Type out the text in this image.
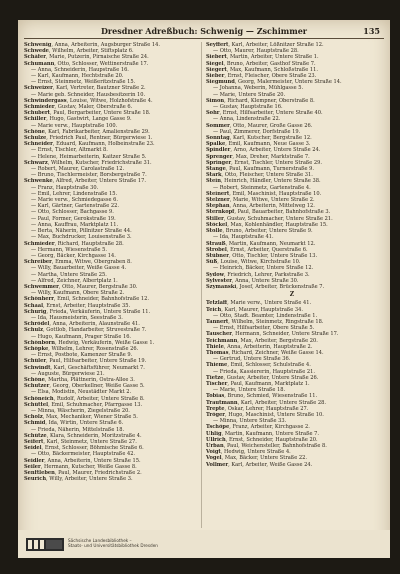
Dresdner Adreßbuch: Schwenig — Zschimmer	135
Schwenig, Anna, Arbeiterin, Augsburger Straße 14.
Schwede, Wilhelm, Arbeiter, Stiftsplatz 6.
Schäfer, Marie, Putzerin, Pirnaische Straße 24.
Schumann, Otto, Schlosser, Wettinerstraße 17.
— Anna, Schneiderin, Haupstraße 16.
— Karl, Kaufmann, Hechtstraße 20.
— Ernst, Steinmetz, Weißeritzstraße 15.
Schweizer, Karl, Vertreter, Bautzner Straße 2.
— Marie geb. Schneider, Hausbesitzerin 10.
Schwindergass, Louise, Witwe, Holzhofstraße 4.
Schmieder, Gustav, Maler, Oberstraße 6.
Schubert, Paul, Bergarbeiter, Untere Straße 18.
Schiller, Hugo, Gastwirt, Lange Gasse 9.
— Marie verw., Hauptstraße 100.
Schöne, Karl, Fabrikarbeiter, Amalienstraße 29.
Schulze, Friedrich Paul, Rentner, Bürgerwiese 1.
Schneider, Eduard, Kaufmann, Holbeinstraße 23.
— Ernst, Tischler, Altmarkt 8.
— Helene, Heimarbeiterin, Kaitzer Straße 5.
Schwarz, Wilhelm, Kutscher, Friedrichstraße 31.
— Robert, Maurer, Carolastraße 12.
— Bruno, Tischlermeister, Borsbergstraße 7.
Schwenke, Alfred, Arbeiter, Untere Straße 17.
— Franz, Hauptstraße 30.
— Emil, Lehrer, Lindenstraße 15.
— Marie verw., Schmiedegasse 6.
— Karl, Gärtner, Gartenstraße 22.
— Otto, Schlosser, Bachgasse 9.
— Paul, Former, Gerokstraße 19.
— Anna, Kauffrau, Marktplatz 11.
— Berta, Näherin, Pillnitzer Straße 44.
— Max, Buchdrucker, Louisenstraße 3.
Schmieder, Richard, Hauptstraße 28.
— Hermann, Wiesenstraße 5.
— Georg, Bäcker, Kirchgasse 14.
Schreiber, Emma, Witwe, Obergraben 8.
— Willy, Bauarbeiter, Weiße Gasse 4.
— Martha, Untere Straße 25.
— Alfred, Zeichner, Albertplatz 1.
Schwemmer, Otto, Maurer, Bergstraße 30.
— Willy, Kaufmann, Obere Straße 2.
Schönherr, Emil, Schneider, Bahnhofstraße 12.
Schaal, Ernst, Arbeiter, Hauptstraße 35.
Schurig, Frieda, Verkäuferin, Untere Straße 11.
— Ida, Hausmeisterin, Seestraße 3.
Schrödel, Anna, Arbeiterin, Alaunstraße 41.
Schulz, Gottlob, Handarbeiter, Struvestraße 7.
— Hugo, Kaufmann, Prager Straße 16.
Schönborn, Hedwig, Verkäuferin, Weiße Gasse 1.
Schöpke, Wilhelm, Lehrer, Rosenstraße 26.
— Ernst, Postbote, Kamenzer Straße 9.
Schüler, Paul, Hilfsarbeiter, Untere Straße 19.
Schwindt, Karl, Geschäftsführer, Neumarkt 7.
— Auguste, Bürgerwiese 21.
Schöne, Martha, Plättnerin, Ostra-Allee 3.
Schutzer, Georg, Oberkellner, Weiße Gasse 5.
— Elsa, Modistin, Neustädter Markt 2.
Schöneich, Rudolf, Arbeiter, Untere Straße 8.
Schüttel, Emil, Schuhmacher, Pfarrgasse 13.
— Minna, Wäscherin, Ziegelstraße 20.
Scholz, Max, Mechaniker, Wiener Straße 5.
Schmid, Ida, Wirtin, Untere Straße 6.
— Frieda, Näherin, Mittelstraße 18.
Schütze, Klara, Schneiderin, Moritzstraße 4.
Seifert, Karl, Steinmetz, Untere Straße 27.
Seidel, Ernst, Schlosser, Böhmische Straße 6.
— Otto, Bäckermeister, Hauptstraße 42.
Seidler, Anna, Arbeiterin, Untere Straße 15.
Seiler, Hermann, Kutscher, Weiße Gasse 8.
Senftleben, Paul, Maurer, Friedrichstraße 2.
Seurich, Willy, Arbeiter, Untere Straße 3.
Seyffert, Karl, Arbeiter, Lößnitzer Straße 12.
— Otto, Maurer, Hauptstraße 28.
Siebert, Martin, Arbeiter, Untere Straße 1.
Siegel, Bruno, Arbeiter, Gasthof Straße 7.
Siegert, Max, Kaufmann, Schloßstraße 11.
Sieber, Ernst, Fleischer, Obere Straße 23.
Siegmund, Georg, Malermeister, Untere Straße 14.
— Johanna, Weberin, Mühlgasse 5.
— Marie, Untere Straße 20.
Simon, Richard, Klempner, Oberstraße 8.
— Gustav, Hauptstraße 16.
Sohr, Ernst, Hilfsarbeiter, Untere Straße 40.
— Anna, Lindenstraße 22.
Sommer, Otto, Maurer, Große Gasse 26.
— Paul, Zimmerer, Dorfstraße 19.
Sonntag, Karl, Kutscher, Bergstraße 12.
Spalke, Emil, Kaufmann, Neue Gasse 3.
Spindler, Arno, Arbeiter, Untere Straße 24.
Sprenger, Max, Dreher, Marktstraße 7.
Springer, Ernst, Tischler, Untere Straße 29.
Stange, Paul, Kaufmann, Turnerstraße 9.
Stark, Otto, Fleischer, Untere Straße 31.
Stein, Heinrich, Händler, Untere Straße 38.
— Robert, Steinmetz, Gartenstraße 4.
Steinert, Emil, Maschinist, Hauptstraße 10.
Stelzner, Marie, Witwe, Untere Straße 2.
Stephan, Anna, Arbeiterin, Mittelweg 12.
Sternkopf, Paul, Bauarbeiter, Bahnhofstraße 3.
Stiller, Gustav, Schuhmacher, Untere Straße 21.
Stöckel, Max, Kohlenhändler, Hauptstraße 15.
Stolle, Bruno, Arbeiter, Untere Straße 9.
— Ida, Hauptstraße 41.
Strauß, Martin, Kaufmann, Neumarkt 12.
Strobel, Ernst, Arbeiter, Querstraße 6.
Stübner, Otto, Tischler, Untere Straße 13.
Süß, Louise, Witwe, Kirchstraße 10.
— Heinrich, Bäcker, Untere Straße 12.
Sydow, Friedrich, Lehrer, Parkstraße 3.
Sylvester, Anna, Untere Straße 30.
Szymanski, Josef, Arbeiter, Brückenstraße 7.
Z
Tetzlaff, Marie verw., Untere Straße 41.
Teich, Karl, Maurer, Hauptstraße 34.
— Otto, Stadt. Beamter, Lindenstraße 1.
Tannert, Wilhelm, Steinmetz, Ringstraße 18.
— Ernst, Hilfsarbeiter, Obere Straße 5.
Tauscher, Hermann, Schneider, Untere Straße 17.
Teichmann, Max, Arbeiter, Bergstraße 20.
Thiele, Anna, Arbeiterin, Hauptstraße 2.
Thomas, Richard, Zeichner, Weiße Gasse 14.
— Gertrud, Untere Straße 36.
Thieme, Emil, Schlosser, Schulstraße 4.
— Frieda, Kassiererin, Hauptstraße 21.
Tietze, Gustav, Arbeiter, Untere Straße 26.
Tischer, Paul, Kaufmann, Marktplatz 1.
— Marie, Untere Straße 18.
Tobias, Bruno, Schmied, Wiesenstraße 11.
Trautmann, Karl, Arbeiter, Untere Straße 28.
Trepte, Oskar, Lehrer, Hauptstraße 27.
Tröger, Hugo, Maschinist, Untere Straße 10.
— Minna, Untere Straße 33.
Tschöpe, Franz, Arbeiter, Kirchgasse 2.
Uhlig, Martin, Kaufmann, Untere Straße 7.
Ullrich, Ernst, Schneider, Hauptstraße 20.
Urban, Paul, Weichensteller, Bahnhofstraße 8.
Voigt, Hedwig, Untere Straße 4.
Vogel, Max, Bäcker, Untere Straße 22.
Vollmer, Karl, Arbeiter, Weiße Gasse 24.
Sächsische Landesbibliothek –
Staats- und Universitätsbibliothek Dresden
